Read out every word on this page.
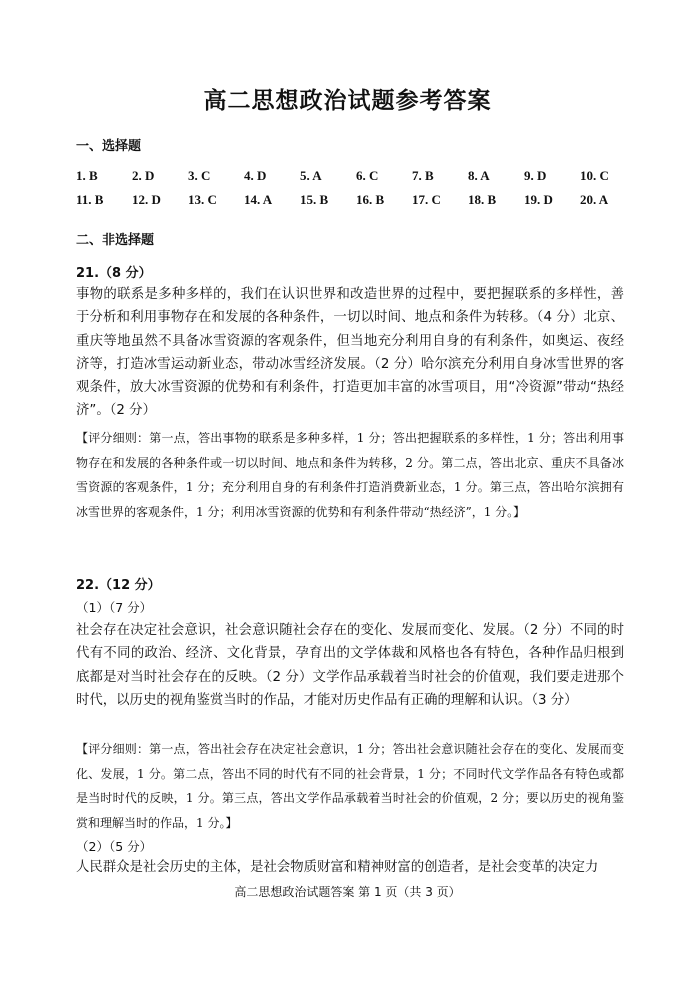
高二思想政治试题参考答案
一、选择题
1. B	2. D	3. C	4. D	5. A	6. C	7. B	8. A	9. D	10. C
11. B	12. D	13. C	14. A	15. B	16. B	17. C	18. B	19. D	20. A
二、非选择题
21.（8 分）
事物的联系是多种多样的，我们在认识世界和改造世界的过程中，要把握联系的多样性，善于分析和利用事物存在和发展的各种条件，一切以时间、地点和条件为转移。（4 分）北京、重庆等地虽然不具备冰雪资源的客观条件，但当地充分利用自身的有利条件，如奥运、夜经济等，打造冰雪运动新业态，带动冰雪经济发展。（2 分）哈尔滨充分利用自身冰雪世界的客观条件，放大冰雪资源的优势和有利条件，打造更加丰富的冰雪项目，用“冷资源”带动“热经济”。（2 分）
【评分细则：第一点，答出事物的联系是多种多样，1 分；答出把握联系的多样性，1 分；答出利用事物存在和发展的各种条件或一切以时间、地点和条件为转移，2 分。第二点，答出北京、重庆不具备冰雪资源的客观条件，1 分；充分利用自身的有利条件打造消费新业态，1 分。第三点，答出哈尔滨拥有冰雪世界的客观条件，1 分；利用冰雪资源的优势和有利条件带动“热经济”，1 分。】
22.（12 分）
（1）（7 分）
社会存在决定社会意识，社会意识随社会存在的变化、发展而变化、发展。（2 分）不同的时代有不同的政治、经济、文化背景，孕育出的文学体裁和风格也各有特色，各种作品归根到底都是对当时社会存在的反映。（2 分）文学作品承载着当时社会的价值观，我们要走进那个时代，以历史的视角鉴赏当时的作品，才能对历史作品有正确的理解和认识。（3 分）
【评分细则：第一点，答出社会存在决定社会意识，1 分；答出社会意识随社会存在的变化、发展而变化、发展，1 分。第二点，答出不同的时代有不同的社会背景，1 分；不同时代文学作品各有特色或都是当时时代的反映，1 分。第三点，答出文学作品承载着当时社会的价值观，2 分；要以历史的视角鉴赏和理解当时的作品，1 分。】
（2）（5 分）
人民群众是社会历史的主体，是社会物质财富和精神财富的创造者，是社会变革的决定力
高二思想政治试题答案 第 1 页（共 3 页）
